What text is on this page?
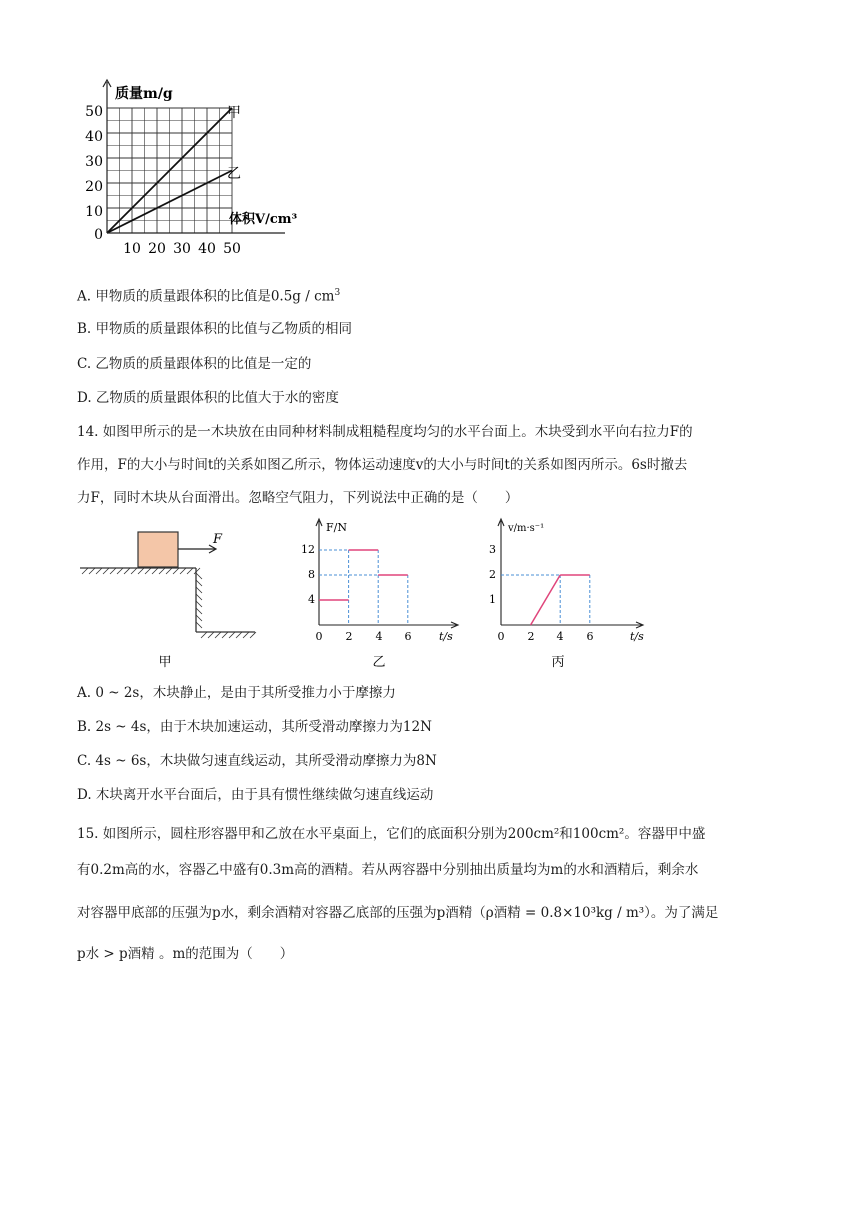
质量m/g
体积V/cm³
甲
乙
50
40
30
20
10
0
10 20 30 40 50
A. 甲物质的质量跟体积的比值是$0.5g / cm^3$
B. 甲物质的质量跟体积的比值与乙物质的相同
C. 乙物质的质量跟体积的比值是一定的
D. 乙物质的质量跟体积的比值大于水的密度
14. 如图甲所示的是一木块放在由同种材料制成粗糙程度均匀的水平台面上。木块受到水平向右拉力F的
作用，F的大小与时间t的关系如图乙所示，物体运动速度v的大小与时间t的关系如图丙所示。6s时撤去
力F，同时木块从台面滑出。忽略空气阻力，下列说法中正确的是（　　）
F
甲
F/N
t/s
12
8
4
0 2 4 6
乙
v/m·s⁻¹
t/s
3
2
1
0 2 4 6
丙
A. 0 ~ 2s，木块静止，是由于其所受推力小于摩擦力
B. 2s ~ 4s，由于木块加速运动，其所受滑动摩擦力为12N
C. 4s ~ 6s，木块做匀速直线运动，其所受滑动摩擦力为8N
D. 木块离开水平台面后，由于具有惯性继续做匀速直线运动
15. 如图所示，圆柱形容器甲和乙放在水平桌面上，它们的底面积分别为200cm²和100cm²。容器甲中盛
有0.2m高的水，容器乙中盛有0.3m高的酒精。若从两容器中分别抽出质量均为m的水和酒精后，剩余水
对容器甲底部的压强为p水，剩余酒精对容器乙底部的压强为p酒精（ρ酒精 = 0.8×10³kg / m³）。为了满足
p水 > p酒精 。m的范围为（　　）
